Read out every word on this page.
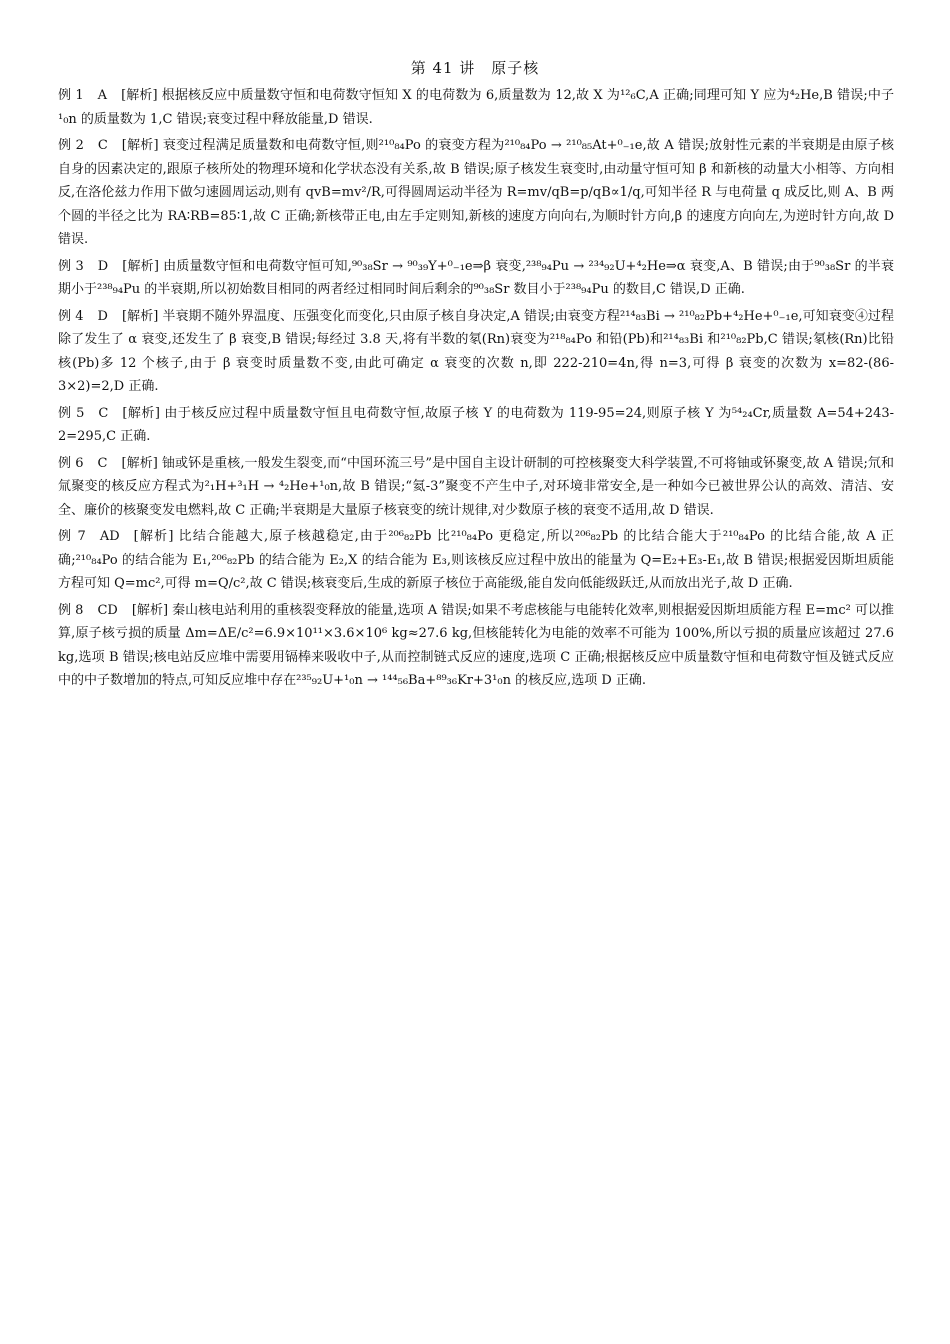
第 41 讲　原子核

例 1 A [解析] 根据核反应中质量数守恒和电荷数守恒知 X 的电荷数为 6,质量数为 12,故 X 为¹²₆C,A 正确;同理可知 Y 应为⁴₂He,B 错误;中子¹₀n 的质量数为 1,C 错误;衰变过程中释放能量,D 错误.

例 2 C [解析] 衰变过程满足质量数和电荷数守恒,则²¹⁰₈₄Po 的衰变方程为²¹⁰₈₄Po → ²¹⁰₈₅At+⁰₋₁e,故 A 错误;放射性元素的半衰期是由原子核自身的因素决定的,跟原子核所处的物理环境和化学状态没有关系,故 B 错误;原子核发生衰变时,由动量守恒可知 β 和新核的动量大小相等、方向相反,在洛伦兹力作用下做匀速圆周运动,则有 qvB=mv²/R,可得圆周运动半径为 R=mv/qB=p/qB∝1/q,可知半径 R 与电荷量 q 成反比,则 A、B 两个圆的半径之比为 RA∶RB=85∶1,故 C 正确;新核带正电,由左手定则知,新核的速度方向向右,为顺时针方向,β 的速度方向向左,为逆时针方向,故 D 错误.

例 3 D [解析] 由质量数守恒和电荷数守恒可知,⁹⁰₃₈Sr → ⁹⁰₃₉Y+⁰₋₁e⇒β 衰变,²³⁸₉₄Pu → ²³⁴₉₂U+⁴₂He⇒α 衰变,A、B 错误;由于⁹⁰₃₈Sr 的半衰期小于²³⁸₉₄Pu 的半衰期,所以初始数目相同的两者经过相同时间后剩余的⁹⁰₃₈Sr 数目小于²³⁸₉₄Pu 的数目,C 错误,D 正确.

例 4 D [解析] 半衰期不随外界温度、压强变化而变化,只由原子核自身决定,A 错误;由衰变方程²¹⁴₈₃Bi → ²¹⁰₈₂Pb+⁴₂He+⁰₋₁e,可知衰变④过程除了发生了 α 衰变,还发生了 β 衰变,B 错误;每经过 3.8 天,将有半数的氡(Rn)衰变为²¹⁸₈₄Po 和铅(Pb)和²¹⁴₈₃Bi 和²¹⁰₈₂Pb,C 错误;氡核(Rn)比铅核(Pb)多 12 个核子,由于 β 衰变时质量数不变,由此可确定 α 衰变的次数 n,即 222-210=4n,得 n=3,可得 β 衰变的次数为 x=82-(86-3×2)=2,D 正确.

例 5 C [解析] 由于核反应过程中质量数守恒且电荷数守恒,故原子核 Y 的电荷数为 119-95=24,则原子核 Y 为⁵⁴₂₄Cr,质量数 A=54+243-2=295,C 正确.

例 6 C [解析] 铀或钚是重核,一般发生裂变,而“中国环流三号”是中国自主设计研制的可控核聚变大科学装置,不可将铀或钚聚变,故 A 错误;氘和氚聚变的核反应方程式为²₁H+³₁H → ⁴₂He+¹₀n,故 B 错误;“氦-3”聚变不产生中子,对环境非常安全,是一种如今已被世界公认的高效、清洁、安全、廉价的核聚变发电燃料,故 C 正确;半衰期是大量原子核衰变的统计规律,对少数原子核的衰变不适用,故 D 错误.

例 7 AD [解析] 比结合能越大,原子核越稳定,由于²⁰⁶₈₂Pb 比²¹⁰₈₄Po 更稳定,所以²⁰⁶₈₂Pb 的比结合能大于²¹⁰₈₄Po 的比结合能,故 A 正确;²¹⁰₈₄Po 的结合能为 E₁,²⁰⁶₈₂Pb 的结合能为 E₂,X 的结合能为 E₃,则该核反应过程中放出的能量为 Q=E₂+E₃-E₁,故 B 错误;根据爱因斯坦质能方程可知 Q=mc²,可得 m=Q/c²,故 C 错误;核衰变后,生成的新原子核位于高能级,能自发向低能级跃迁,从而放出光子,故 D 正确.

例 8 CD [解析] 秦山核电站利用的重核裂变释放的能量,选项 A 错误;如果不考虑核能与电能转化效率,则根据爱因斯坦质能方程 E=mc² 可以推算,原子核亏损的质量 Δm=ΔE/c²=6.9×10¹¹×3.6×10⁶ kg≈27.6 kg,但核能转化为电能的效率不可能为 100%,所以亏损的质量应该超过 27.6 kg,选项 B 错误;核电站反应堆中需要用镉棒来吸收中子,从而控制链式反应的速度,选项 C 正确;根据核反应中质量数守恒和电荷数守恒及链式反应中的中子数增加的特点,可知反应堆中存在²³⁵₉₂U+¹₀n → ¹⁴⁴₅₆Ba+⁸⁹₃₆Kr+3¹₀n 的核反应,选项 D 正确.
